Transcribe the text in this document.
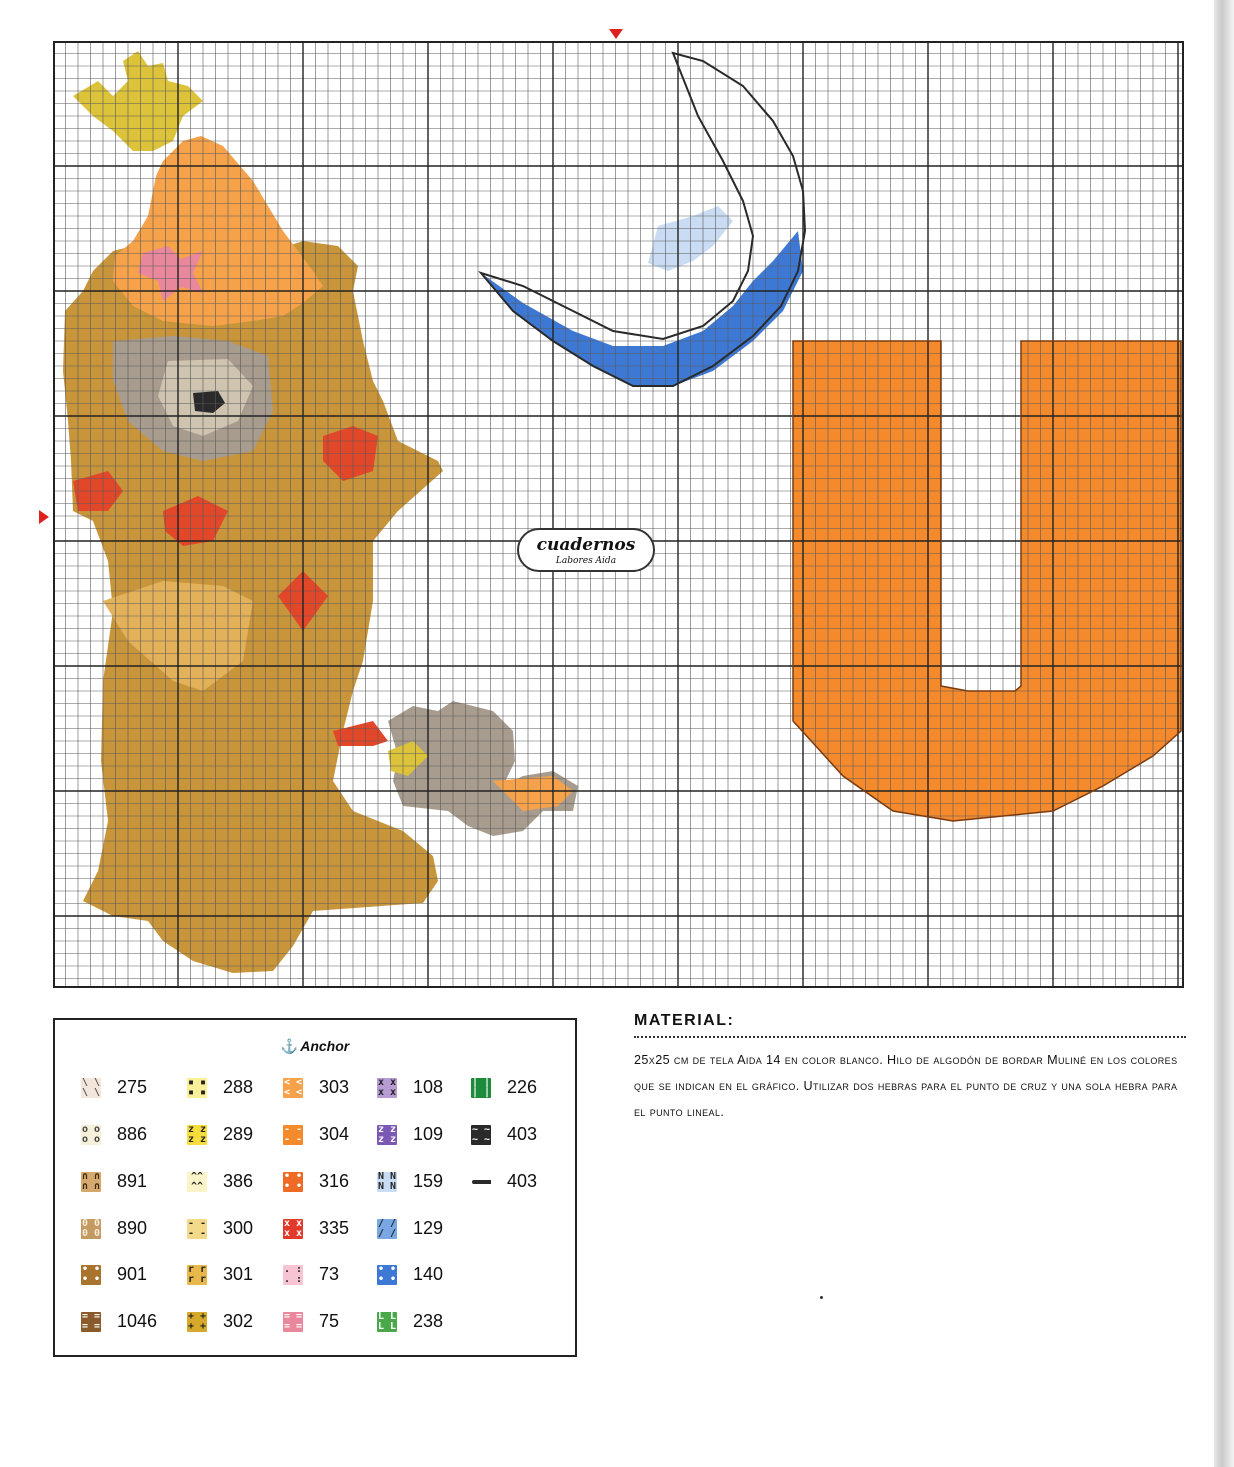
cuadernos
Labores Aida
⚓ Anchor
\ \
\ \ 275
o o
o o 886
∩ ∩
∩ ∩ 891
0 0
0 0 890
• •
• • 901
= =
= = 1046
▪ ▪
▪ ▪ 288
z z
z z 289
^^
^^ 386
- -
- - 300
r r
r r 301
+ +
+ + 302
< <
< < 303
- -
- - 304
• •
• • 316
x x
x x 335
. :
. : 73
= =
= = 75
x x
x x 108
z z
z z 109
N N
N N 159
/ /
/ / 129
• •
• • 140
L L
L L 238
| |
| | 226
~ ~
~ ~ 403
403
MATERIAL:

25x25 cm de tela Aida 14 en color blanco. Hilo de algodón de bordar Muliné en los colores que se indican en el gráfico. Utilizar dos hebras para el punto de cruz y una sola hebra para el punto lineal.
